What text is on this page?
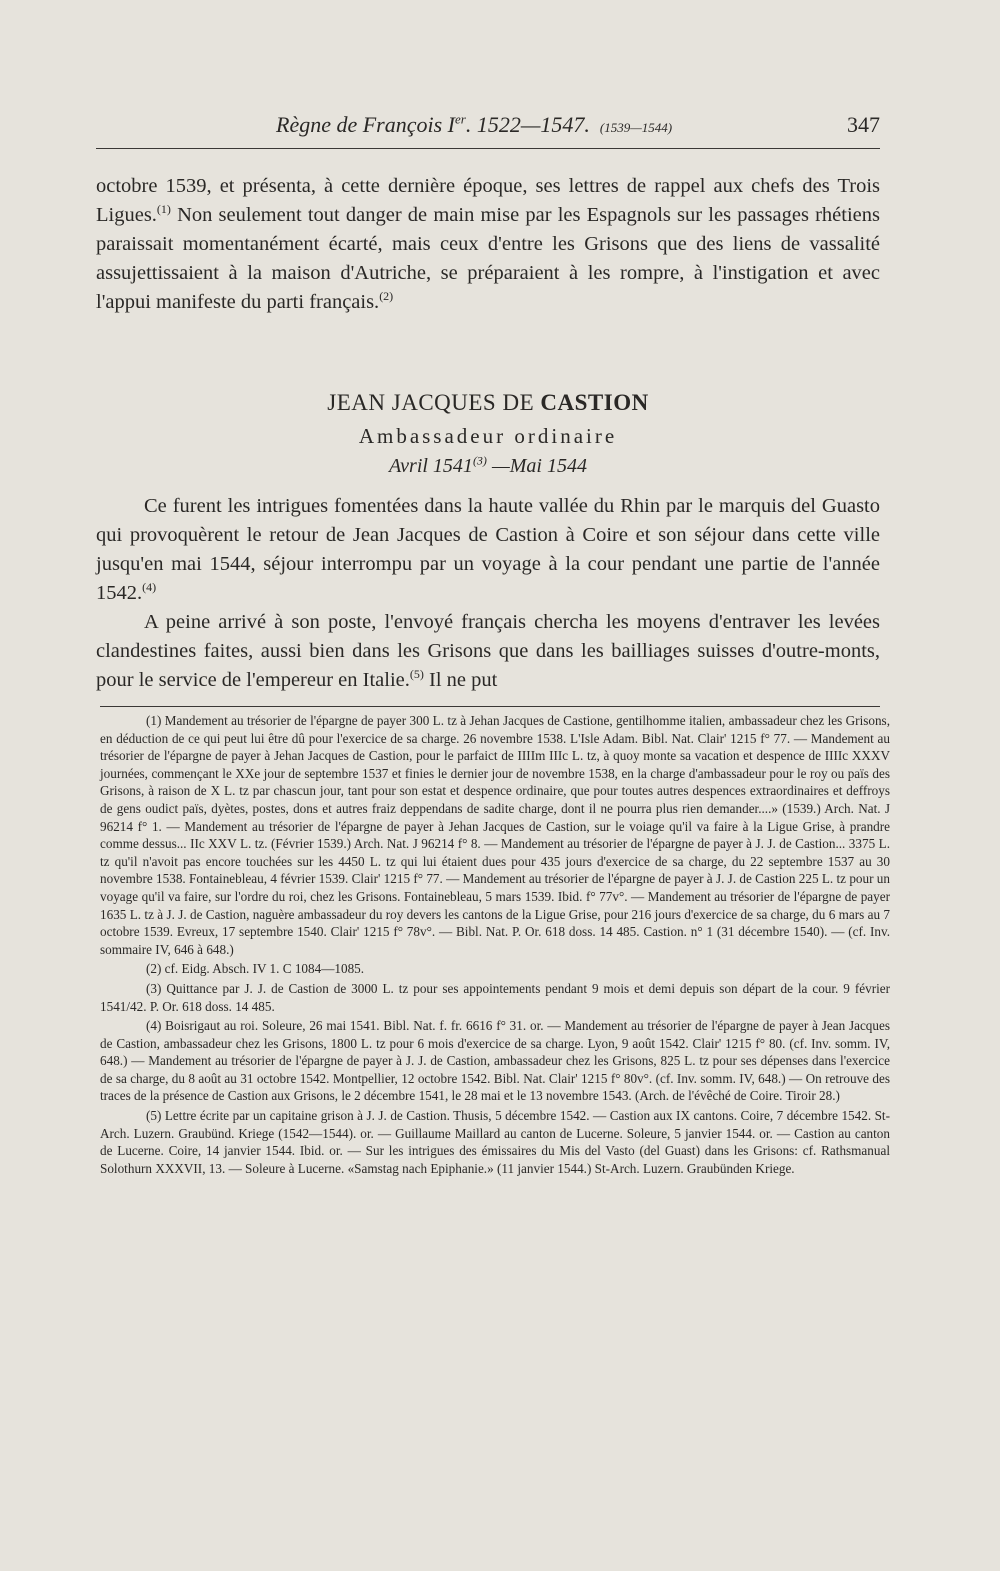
Règne de François Ier. 1522—1547. (1539—1544)	347

octobre 1539, et présenta, à cette dernière époque, ses lettres de rappel aux chefs des Trois Ligues.$^{(1)}$ Non seulement tout danger de main mise par les Espagnols sur les passages rhétiens paraissait momentanément écarté, mais ceux d'entre les Grisons que des liens de vassalité assujettissaient à la maison d'Autriche, se préparaient à les rompre, à l'instigation et avec l'appui manifeste du parti français.$^{(2)}$

JEAN JACQUES DE CASTION
Ambassadeur ordinaire
Avril 1541$^{(3)}$ —Mai 1544

Ce furent les intrigues fomentées dans la haute vallée du Rhin par le marquis del Guasto qui provoquèrent le retour de Jean Jacques de Castion à Coire et son séjour dans cette ville jusqu'en mai 1544, séjour interrompu par un voyage à la cour pendant une partie de l'année 1542.$^{(4)}$

A peine arrivé à son poste, l'envoyé français chercha les moyens d'entraver les levées clandestines faites, aussi bien dans les Grisons que dans les bailliages suisses d'outre-monts, pour le service de l'empereur en Italie.$^{(5)}$ Il ne put

(1) Mandement au trésorier de l'épargne de payer 300 L. tz à Jehan Jacques de Castione, gentilhomme italien, ambassadeur chez les Grisons, en déduction de ce qui peut lui être dû pour l'exercice de sa charge. 26 novembre 1538. L'Isle Adam. Bibl. Nat. Clair' 1215 f° 77. — Mandement au trésorier de l'épargne de payer à Jehan Jacques de Castion, pour le parfaict de IIIIm IIIc L. tz, à quoy monte sa vacation et despence de IIIIc XXXV journées, commençant le XXe jour de septembre 1537 et finies le dernier jour de novembre 1538, en la charge d'ambassadeur pour le roy ou païs des Grisons, à raison de X L. tz par chascun jour, tant pour son estat et despence ordinaire, que pour toutes autres despences extraordinaires et deffroys de gens oudict païs, dyètes, postes, dons et autres fraiz deppendans de sadite charge, dont il ne pourra plus rien demander....» (1539.) Arch. Nat. J 96214 f° 1. — Mandement au trésorier de l'épargne de payer à Jehan Jacques de Castion, sur le voiage qu'il va faire à la Ligue Grise, à prandre comme dessus... IIc XXV L. tz. (Février 1539.) Arch. Nat. J 96214 f° 8. — Mandement au trésorier de l'épargne de payer à J. J. de Castion... 3375 L. tz qu'il n'avoit pas encore touchées sur les 4450 L. tz qui lui étaient dues pour 435 jours d'exercice de sa charge, du 22 septembre 1537 au 30 novembre 1538. Fontainebleau, 4 février 1539. Clair' 1215 f° 77. — Mandement au trésorier de l'épargne de payer à J. J. de Castion 225 L. tz pour un voyage qu'il va faire, sur l'ordre du roi, chez les Grisons. Fontainebleau, 5 mars 1539. Ibid. f° 77v°. — Mandement au trésorier de l'épargne de payer 1635 L. tz à J. J. de Castion, naguère ambassadeur du roy devers les cantons de la Ligue Grise, pour 216 jours d'exercice de sa charge, du 6 mars au 7 octobre 1539. Evreux, 17 septembre 1540. Clair' 1215 f° 78v°. — Bibl. Nat. P. Or. 618 doss. 14 485. Castion. n° 1 (31 décembre 1540). — (cf. Inv. sommaire IV, 646 à 648.)

(2) cf. Eidg. Absch. IV 1. C 1084—1085.

(3) Quittance par J. J. de Castion de 3000 L. tz pour ses appointements pendant 9 mois et demi depuis son départ de la cour. 9 février 1541/42. P. Or. 618 doss. 14 485.

(4) Boisrigaut au roi. Soleure, 26 mai 1541. Bibl. Nat. f. fr. 6616 f° 31. or. — Mandement au trésorier de l'épargne de payer à Jean Jacques de Castion, ambassadeur chez les Grisons, 1800 L. tz pour 6 mois d'exercice de sa charge. Lyon, 9 août 1542. Clair' 1215 f° 80. (cf. Inv. somm. IV, 648.) — Mandement au trésorier de l'épargne de payer à J. J. de Castion, ambassadeur chez les Grisons, 825 L. tz pour ses dépenses dans l'exercice de sa charge, du 8 août au 31 octobre 1542. Montpellier, 12 octobre 1542. Bibl. Nat. Clair' 1215 f° 80v°. (cf. Inv. somm. IV, 648.) — On retrouve des traces de la présence de Castion aux Grisons, le 2 décembre 1541, le 28 mai et le 13 novembre 1543. (Arch. de l'évêché de Coire. Tiroir 28.)

(5) Lettre écrite par un capitaine grison à J. J. de Castion. Thusis, 5 décembre 1542. — Castion aux IX cantons. Coire, 7 décembre 1542. St-Arch. Luzern. Graubünd. Kriege (1542—1544). or. — Guillaume Maillard au canton de Lucerne. Soleure, 5 janvier 1544. or. — Castion au canton de Lucerne. Coire, 14 janvier 1544. Ibid. or. — Sur les intrigues des émissaires du Mis del Vasto (del Guast) dans les Grisons: cf. Rathsmanual Solothurn XXXVII, 13. — Soleure à Lucerne. «Samstag nach Epiphanie.» (11 janvier 1544.) St-Arch. Luzern. Graubünden Kriege.
